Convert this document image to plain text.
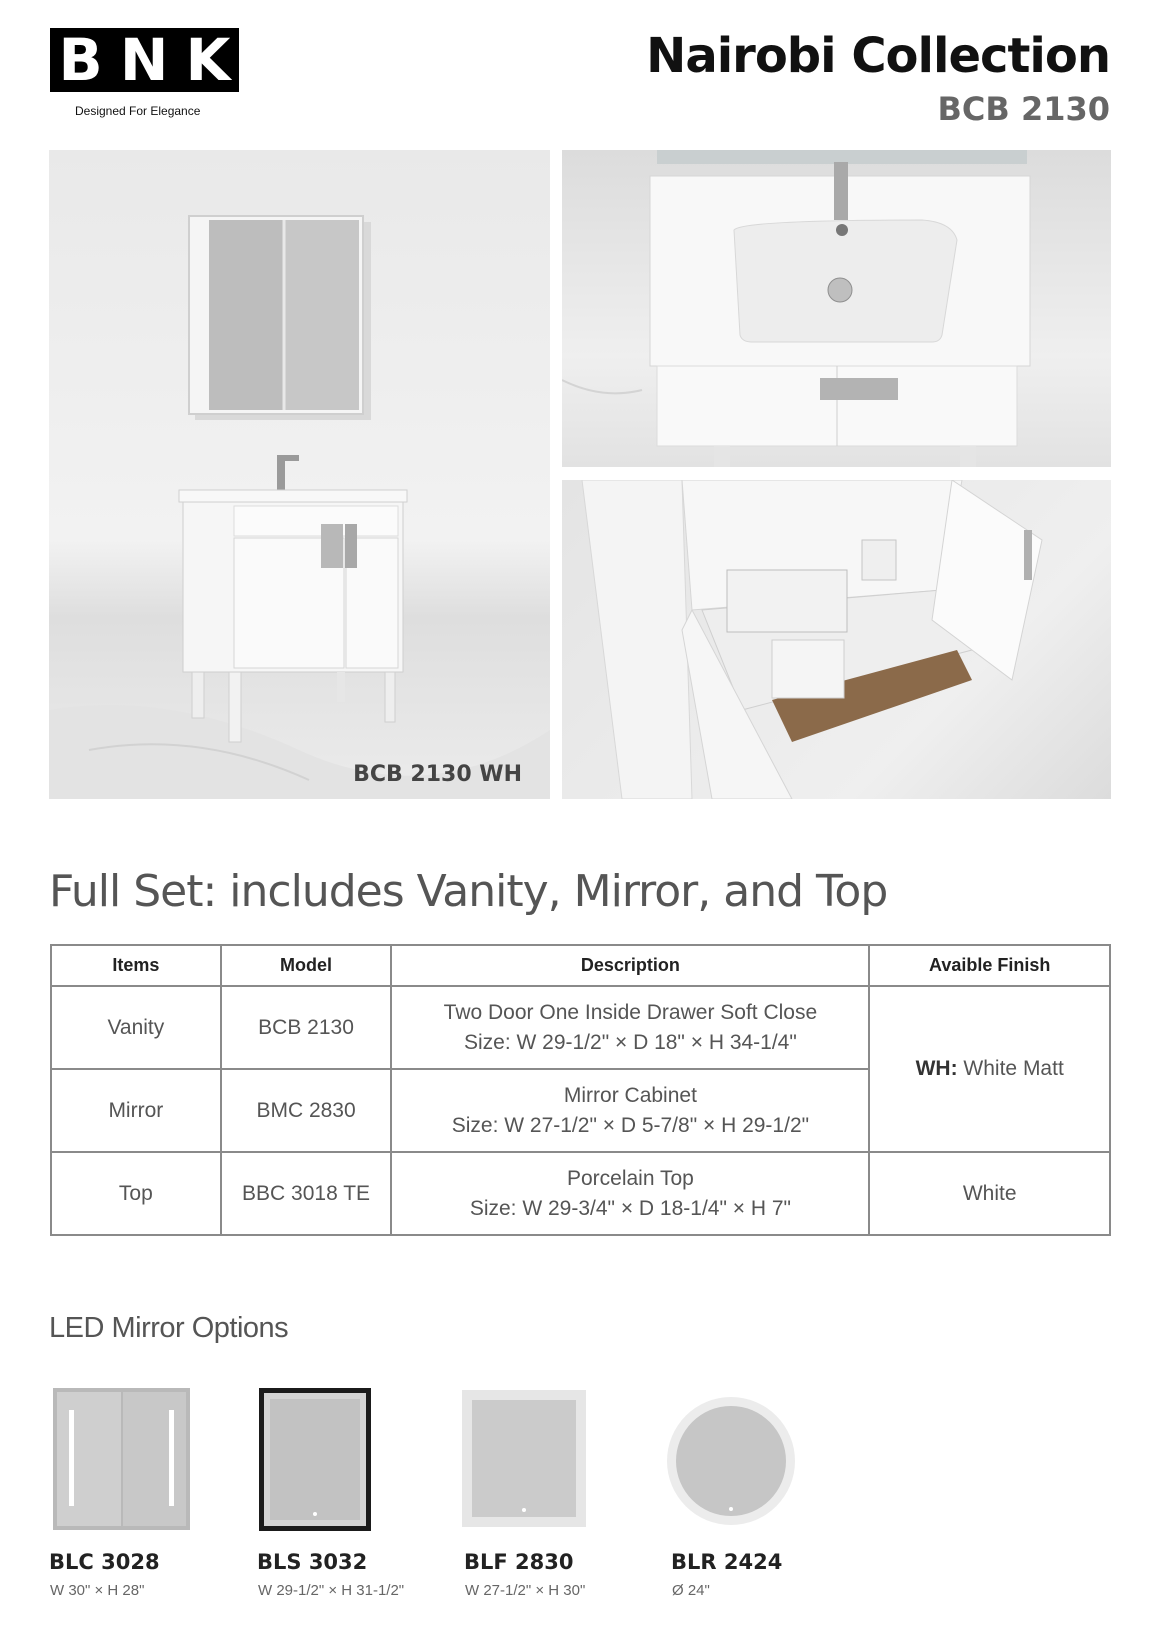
B N K
Designed For Elegance
Nairobi Collection
BCB 2130
BCB 2130 WH
Full Set: includes Vanity, Mirror, and Top
Items	Model	Description	Avaible Finish
Vanity	BCB 2130	Two Door One Inside Drawer Soft Close
Size: W 29-1/2" × D 18" × H 34-1/4"	WH: White Matt
Mirror	BMC 2830	Mirror Cabinet
Size: W 27-1/2" × D 5-7/8" × H 29-1/2"	

Top	BBC 3018 TE	Porcelain Top
Size: W 29-3/4" × D 18-1/4" × H 7"	White
LED Mirror Options
BLC 3028
W 30" × H 28"
BLS 3032
W 29-1/2" × H 31-1/2"
BLF 2830
W 27-1/2" × H 30"
BLR 2424
Ø 24"
